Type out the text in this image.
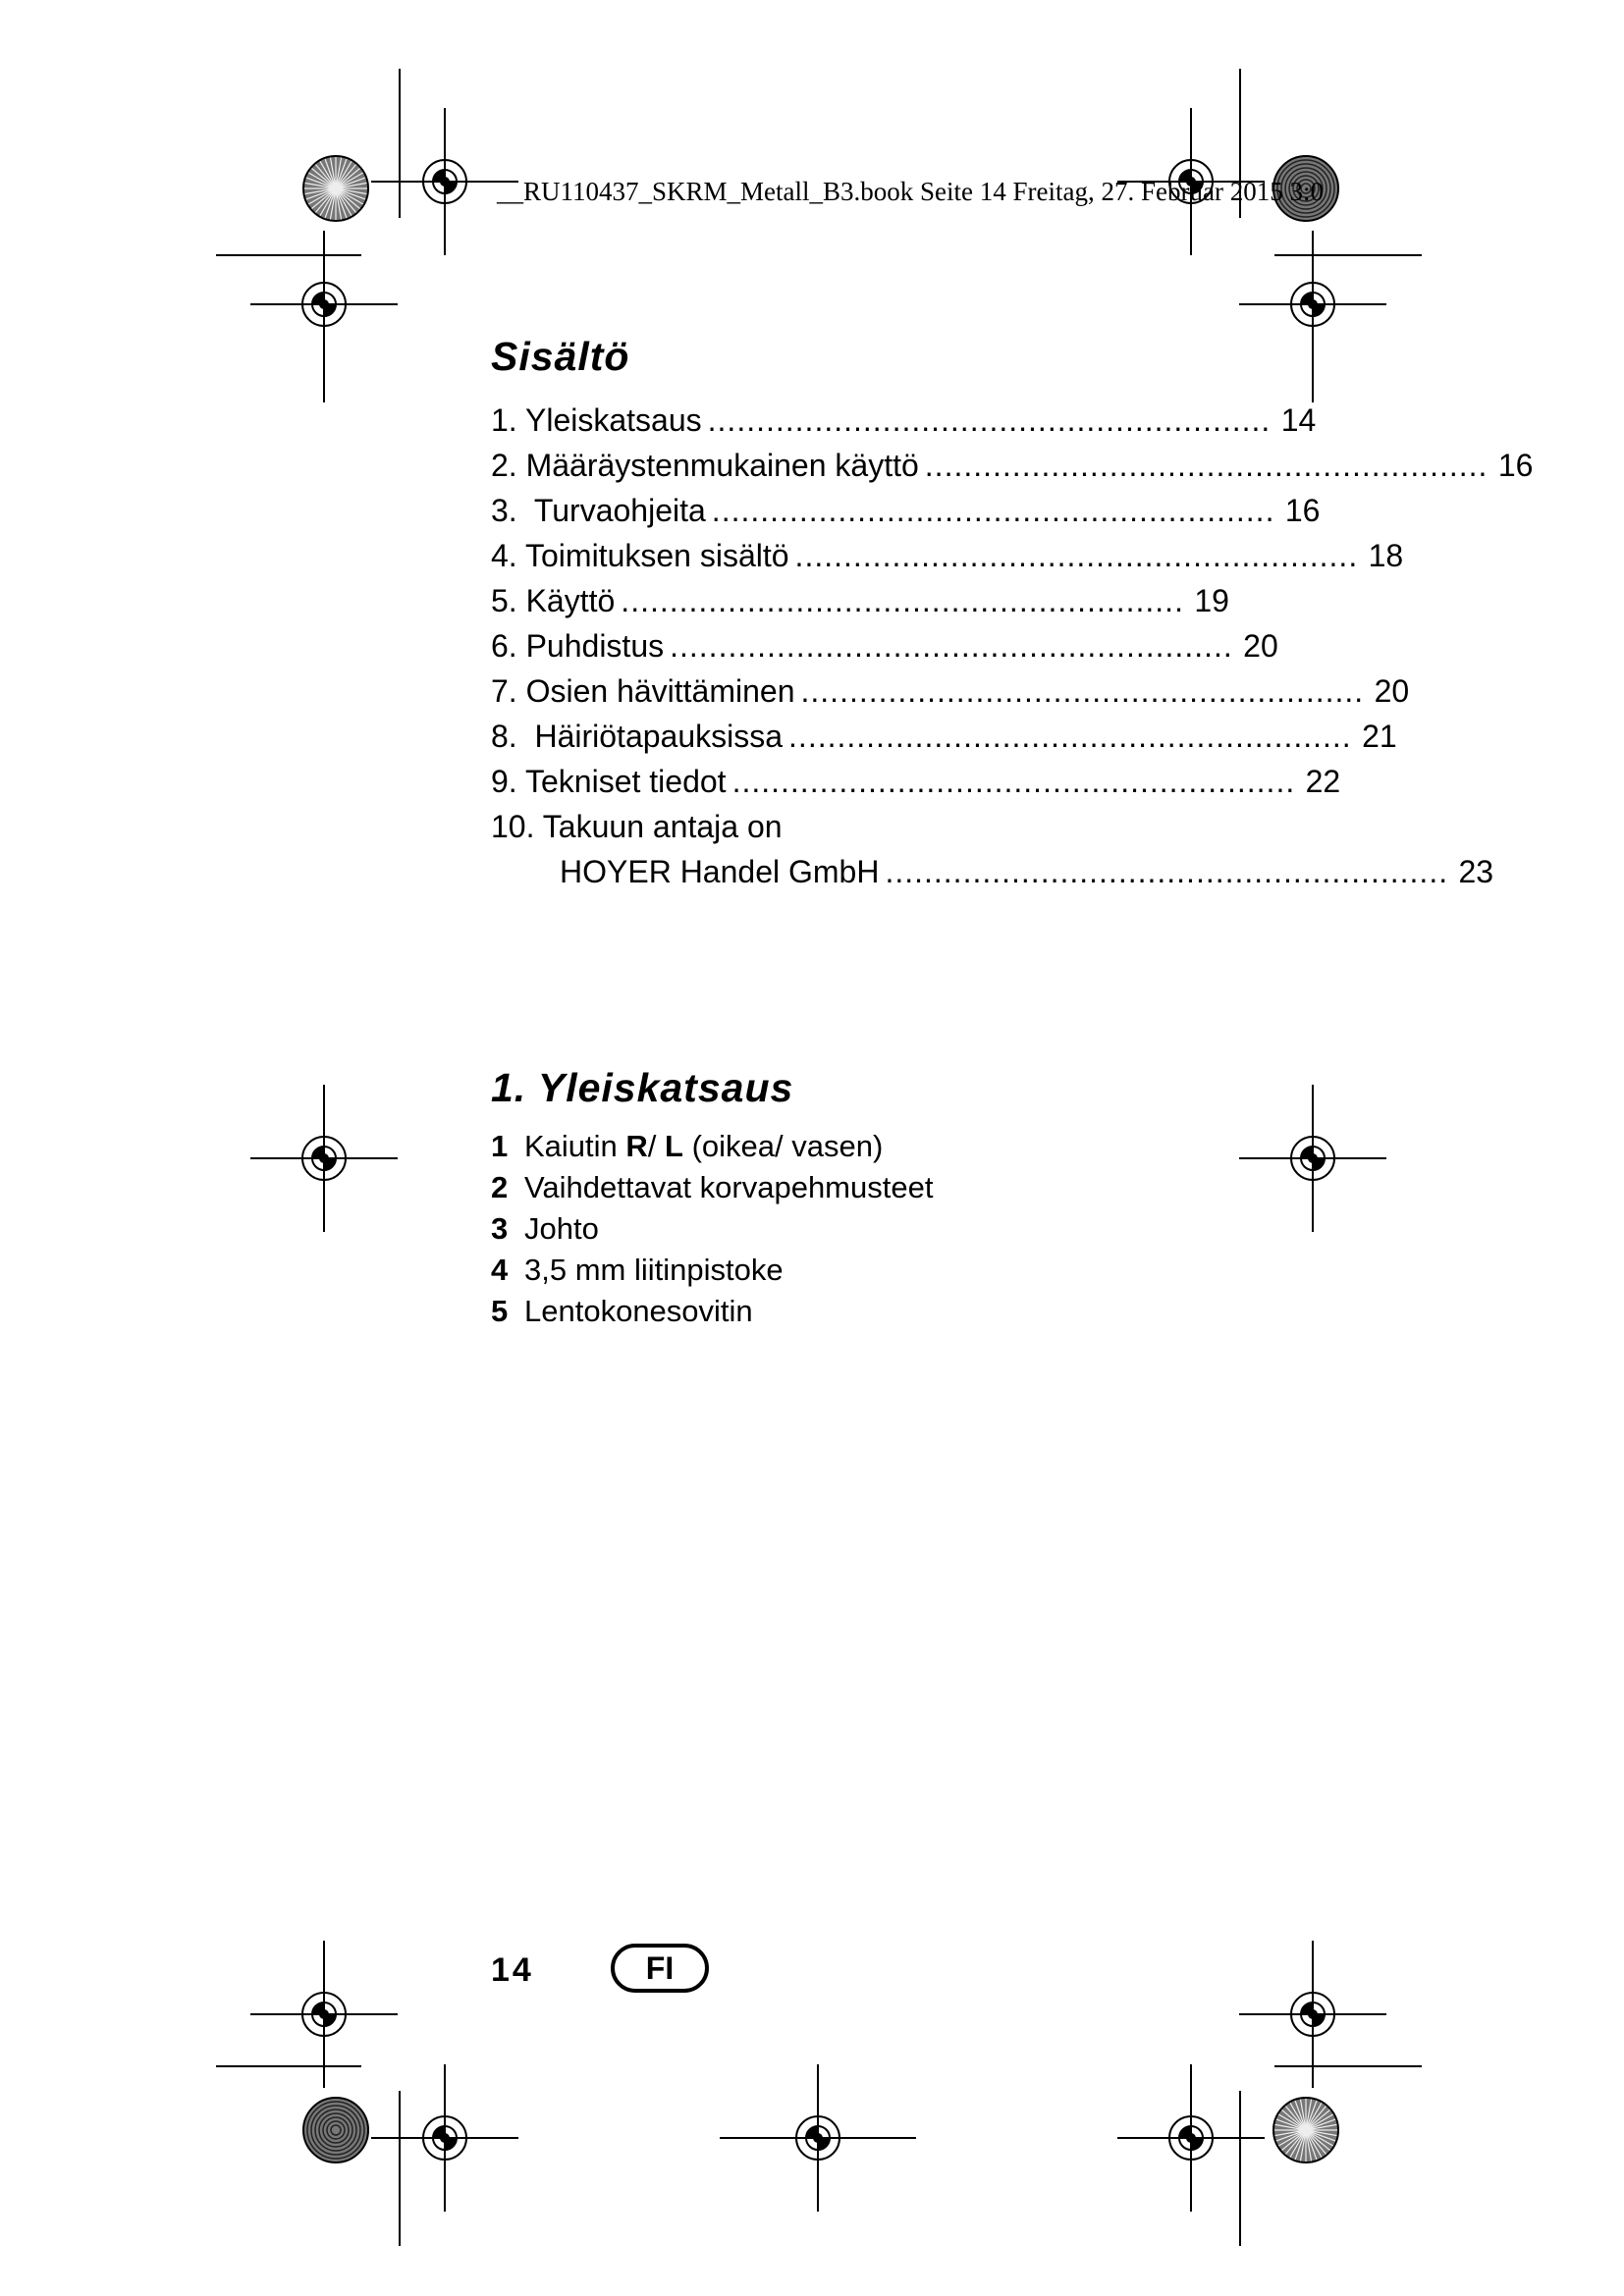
__RU110437_SKRM_Metall_B3.book Seite 14 Freitag, 27. Februar 2015 3:0
Sisältö
1. Yleiskatsaus .......................................................... 14
2. Määräystenmukainen käyttö .......................................................... 16
3.  Turvaohjeita .......................................................... 16
4. Toimituksen sisältö .......................................................... 18
5. Käyttö .......................................................... 19
6. Puhdistus .......................................................... 20
7. Osien hävittäminen .......................................................... 20
8.  Häiriötapauksissa .......................................................... 21
9. Tekniset tiedot .......................................................... 22
10. Takuun antaja on
HOYER Handel GmbH .......................................................... 23
1. Yleiskatsaus
1 Kaiutin R/ L (oikea/ vasen)
2 Vaihdettavat korvapehmusteet
3 Johto
4 3,5 mm liitinpistoke
5 Lentokonesovitin
14	FI
